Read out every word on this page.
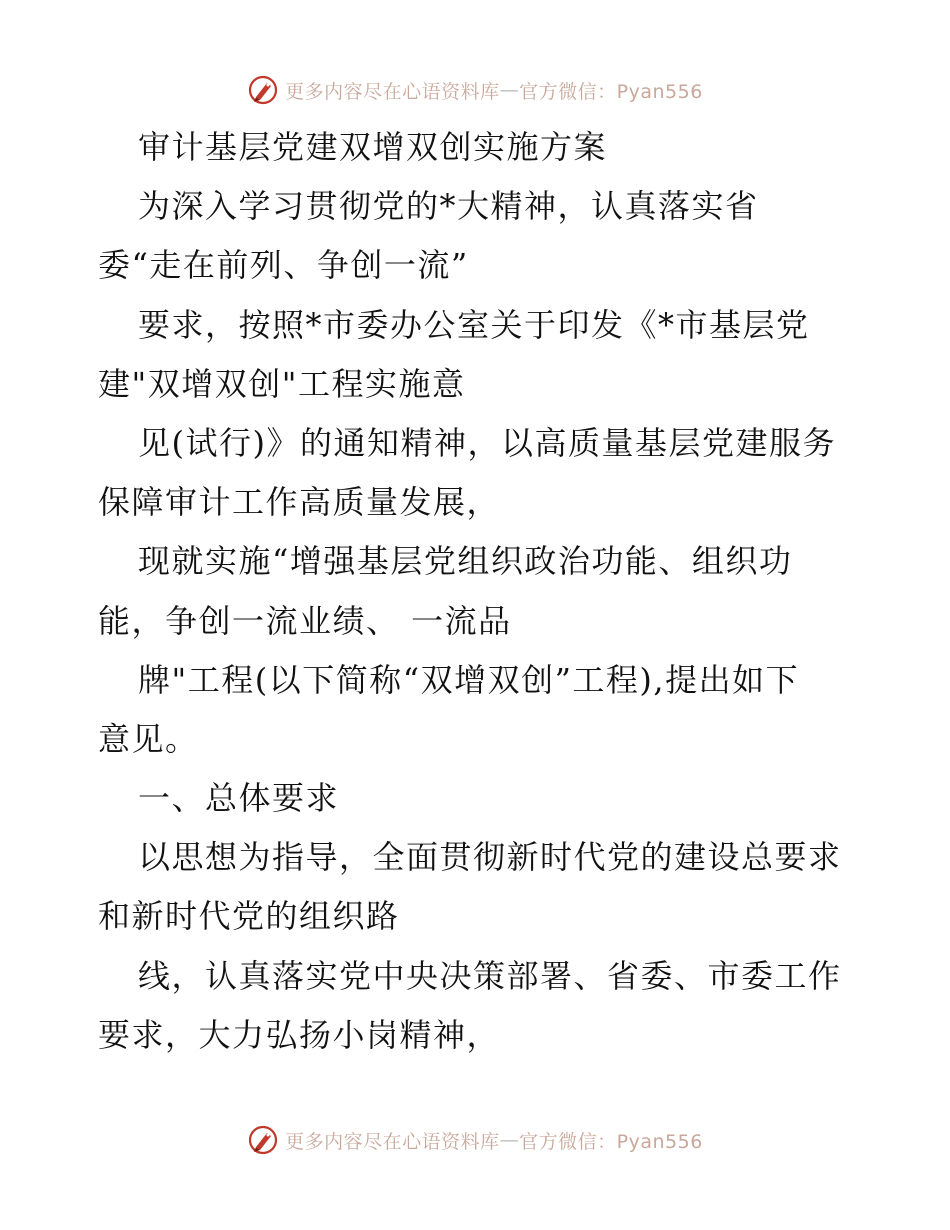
更多内容尽在心语资料库 — 官方微信：Pyan556
审计基层党建双增双创实施方案
为深入学习贯彻党的*大精神，认真落实省
委“走在前列、争创一流”
要求，按照*市委办公室关于印发《*市基层党
建"双增双创"工程实施意
见(试行)》的通知精神，以高质量基层党建服务
保障审计工作高质量发展，
现就实施“增强基层党组织政治功能、组织功
能，争创一流业绩、 一流品
牌"工程(以下简称“双增双创”工程),提出如下
意见。
一、总体要求
以思想为指导，全面贯彻新时代党的建设总要求
和新时代党的组织路
线，认真落实党中央决策部署、省委、市委工作
要求，大力弘扬小岗精神，
更多内容尽在心语资料库 — 官方微信：Pyan556
